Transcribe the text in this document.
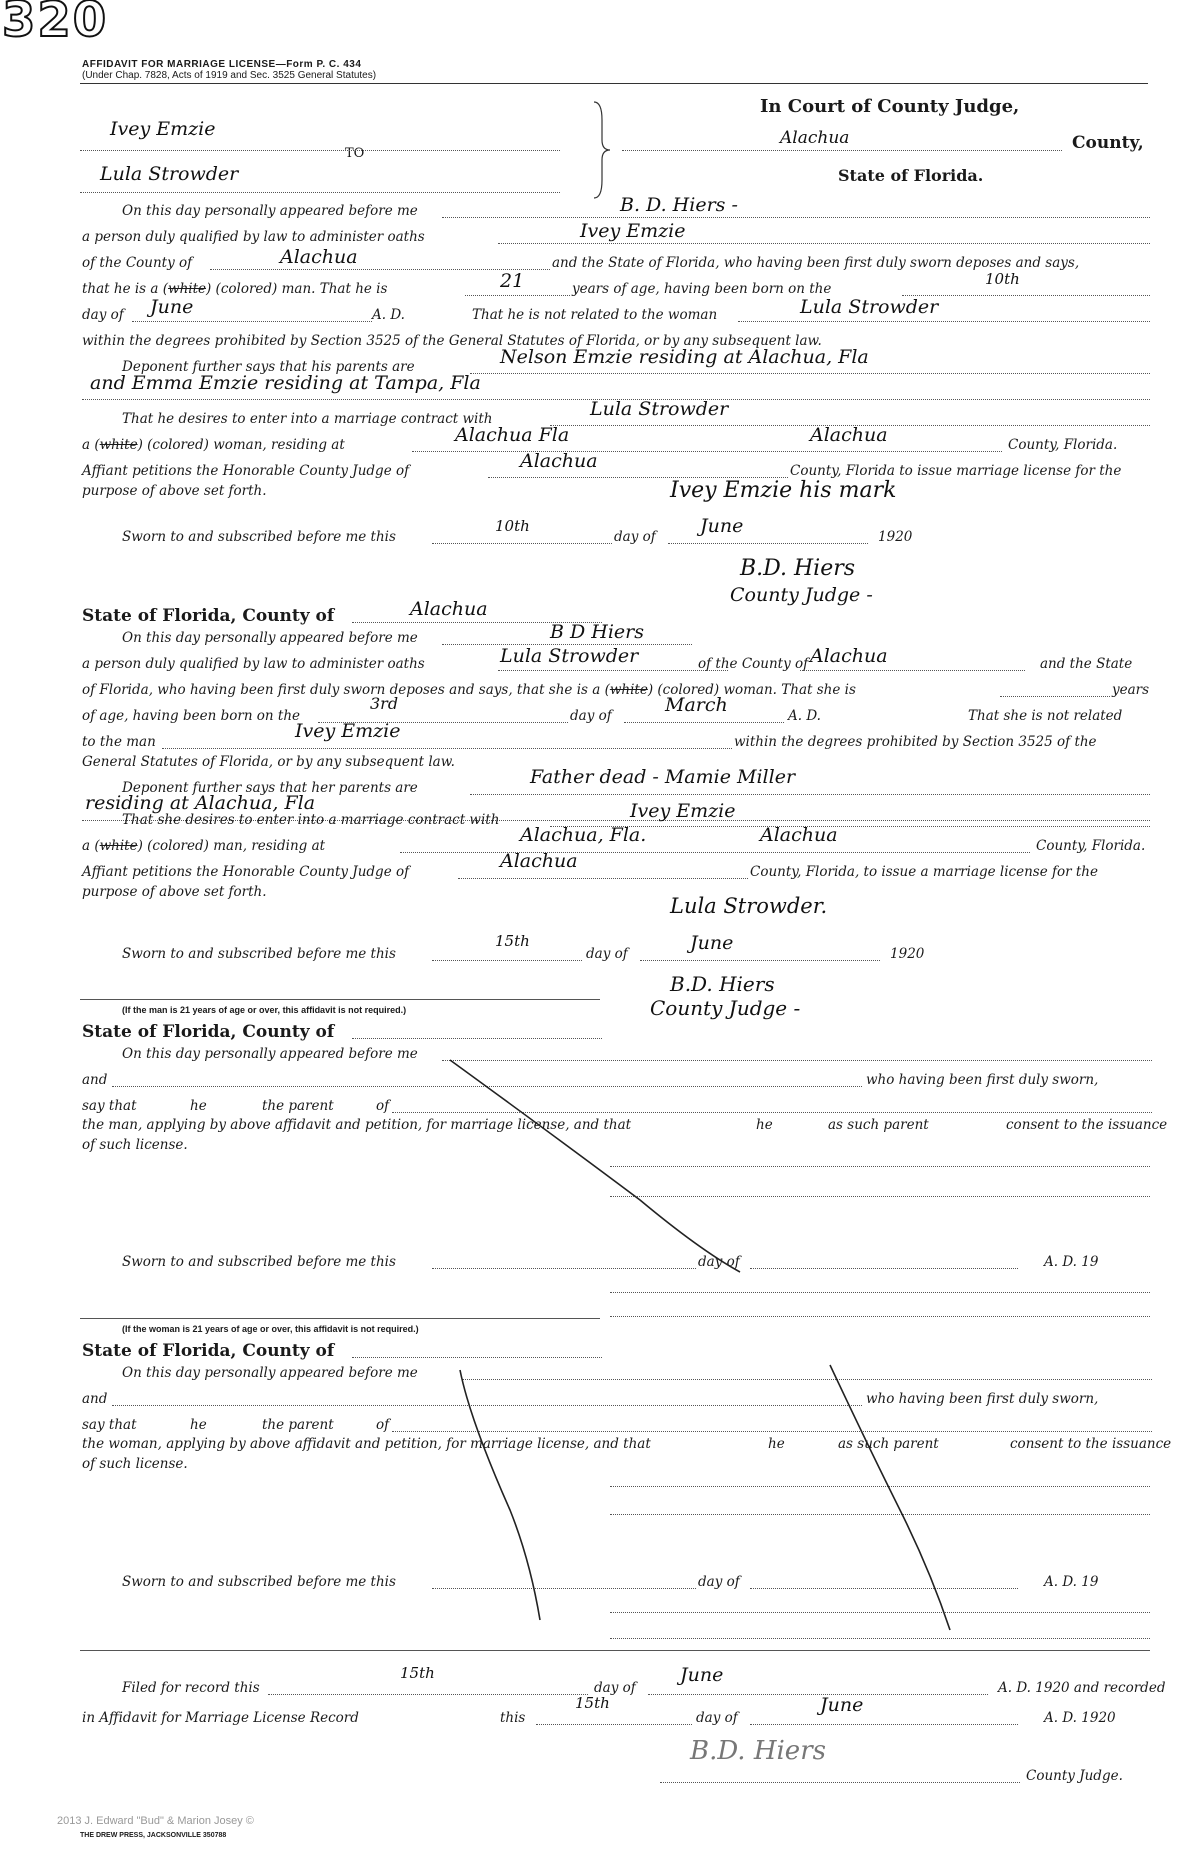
320
AFFIDAVIT FOR MARRIAGE LICENSE—Form P. C. 434
(Under Chap. 7828, Acts of 1919 and Sec. 3525 General Statutes)
Ivey Emzie
TO
Lula Strowder
In Court of County Judge,
Alachua	County,
State of Florida.
On this day personally appeared before me	B. D. Hiers -
a person duly qualified by law to administer oaths	Ivey Emzie
of the County of	Alachua	and the State of Florida, who having been first duly sworn deposes and says,
that he is a (white) (colored) man. That he is	21	years of age, having been born on the
10th
day of June	A. D.	That he is not related to the woman	Lula Strowder
within the degrees prohibited by Section 3525 of the General Statutes of Florida, or by any subsequent law.
Deponent further says that his parents are	Nelson Emzie residing at Alachua, Fla
and Emma Emzie residing at Tampa, Fla
That he desires to enter into a marriage contract with	Lula Strowder
a (white) (colored) woman, residing at	Alachua Fla	Alachua	County, Florida.
Affiant petitions the Honorable County Judge of	Alachua	County, Florida to issue marriage license for the
purpose of above set forth.	Ivey Emzie his mark
Sworn to and subscribed before me this
10th
day of June	1920
B.D. Hiers
County Judge -
State of Florida, County of	Alachua
On this day personally appeared before me	B D Hiers
a person duly qualified by law to administer oaths	Lula Strowder	of the County of Alachua	and the State
of Florida, who having been first duly sworn deposes and says, that she is a (white) (colored) woman. That she is	years
of age, having been born on the
3rd
day of	March	A. D.	That she is not related
to the man	Ivey Emzie	within the degrees prohibited by Section 3525 of the
General Statutes of Florida, or by any subsequent law.
Deponent further says that her parents are	Father dead - Mamie Miller
residing at Alachua, Fla
That she desires to enter into a marriage contract with	Ivey Emzie
a (white) (colored) man, residing at	Alachua, Fla.	Alachua	County, Florida.
Affiant petitions the Honorable County Judge of	Alachua	County, Florida, to issue a marriage license for the
purpose of above set forth.
Lula Strowder.
Sworn to and subscribed before me this
15th
day of	June	1920
B.D. Hiers
County Judge -
(If the man is 21 years of age or over, this affidavit is not required.)
State of Florida, County of
On this day personally appeared before me
and	who having been first duly sworn,
say that	he	the parent	of
the man, applying by above affidavit and petition, for marriage license, and that	he	as such parent	consent to the issuance
of such license.
Sworn to and subscribed before me this	day of	A. D. 19
(If the woman is 21 years of age or over, this affidavit is not required.)
State of Florida, County of
On this day personally appeared before me
and	who having been first duly sworn,
say that	he	the parent	of
the woman, applying by above affidavit and petition, for marriage license, and that	he	as such parent	consent to the issuance
of such license.
Sworn to and subscribed before me this	day of	A. D. 19
Filed for record this
15th
day of
June
A. D. 1920 and recorded
in Affidavit for Marriage License Record	this
15th
day of
June
A. D. 1920
B.D. Hiers
County Judge.
2013 J. Edward "Bud" & Marion Josey ©
THE DREW PRESS, JACKSONVILLE 350788
